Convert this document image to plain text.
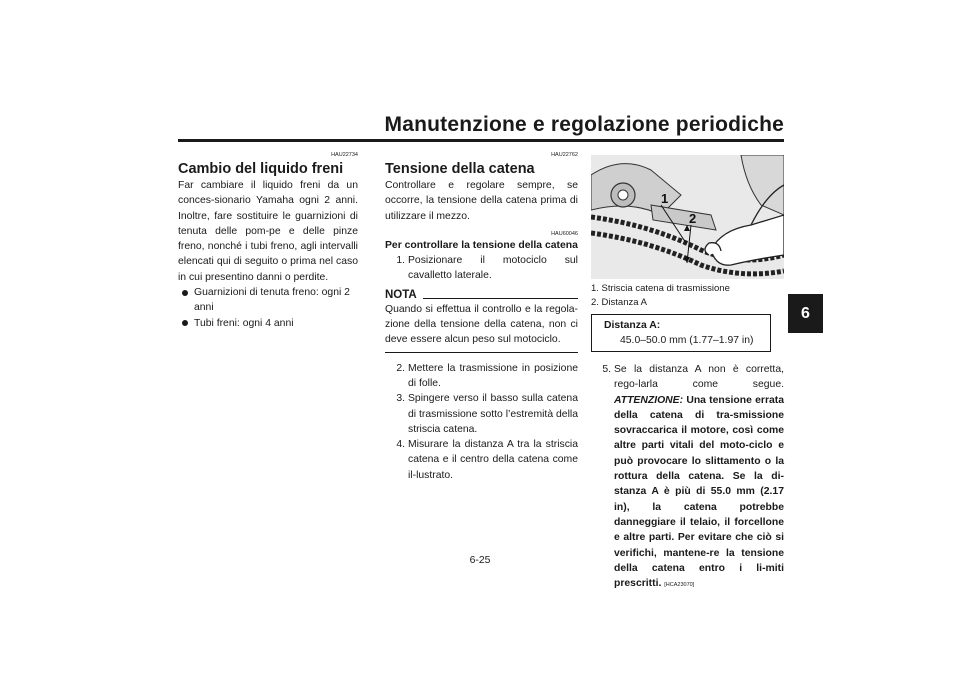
Manutenzione e regolazione periodiche
6
HAU22734
Cambio del liquido freni

Far cambiare il liquido freni da un conces-sionario Yamaha ogni 2 anni. Inoltre, fare sostituire le guarnizioni di tenuta delle pom-pe e delle pinze freno, nonché i tubi freno, agli intervalli elencati qui di seguito o prima nel caso in cui presentino danni o perdite.

Guarnizioni di tenuta freno: ogni 2 anni
Tubi freni: ogni 4 anni
HAU22762
Tensione della catena

Controllare e regolare sempre, se occorre, la tensione della catena prima di utilizzare il mezzo.

HAU60046
Per controllare la tensione della catena
1. Posizionare il motociclo sul cavalletto laterale.
NOTA

Quando si effettua il controllo e la regola-zione della tensione della catena, non ci deve essere alcun peso sul motociclo.

2. Mettere la trasmissione in posizione di folle.
3. Spingere verso il basso sulla catena di trasmissione sotto l’estremità della striscia catena.
4. Misurare la distanza A tra la striscia catena e il centro della catena come il-lustrato.
1
2
1. Striscia catena di trasmissione
2. Distanza A
Distanza A:
45.0–50.0 mm (1.77–1.97 in)
5. Se la distanza A non è corretta, rego-larla come segue. ATTENZIONE: Una tensione errata della catena di tra-smissione sovraccarica il motore, così come altre parti vitali del moto-ciclo e può provocare lo slittamento o la rottura della catena. Se la di-stanza A è più di 55.0 mm (2.17 in), la catena potrebbe danneggiare il telaio, il forcellone e altre parti. Per evitare che ciò si verifichi, mantene-re la tensione della catena entro i li-miti prescritti. [HCA23070]
6-25
